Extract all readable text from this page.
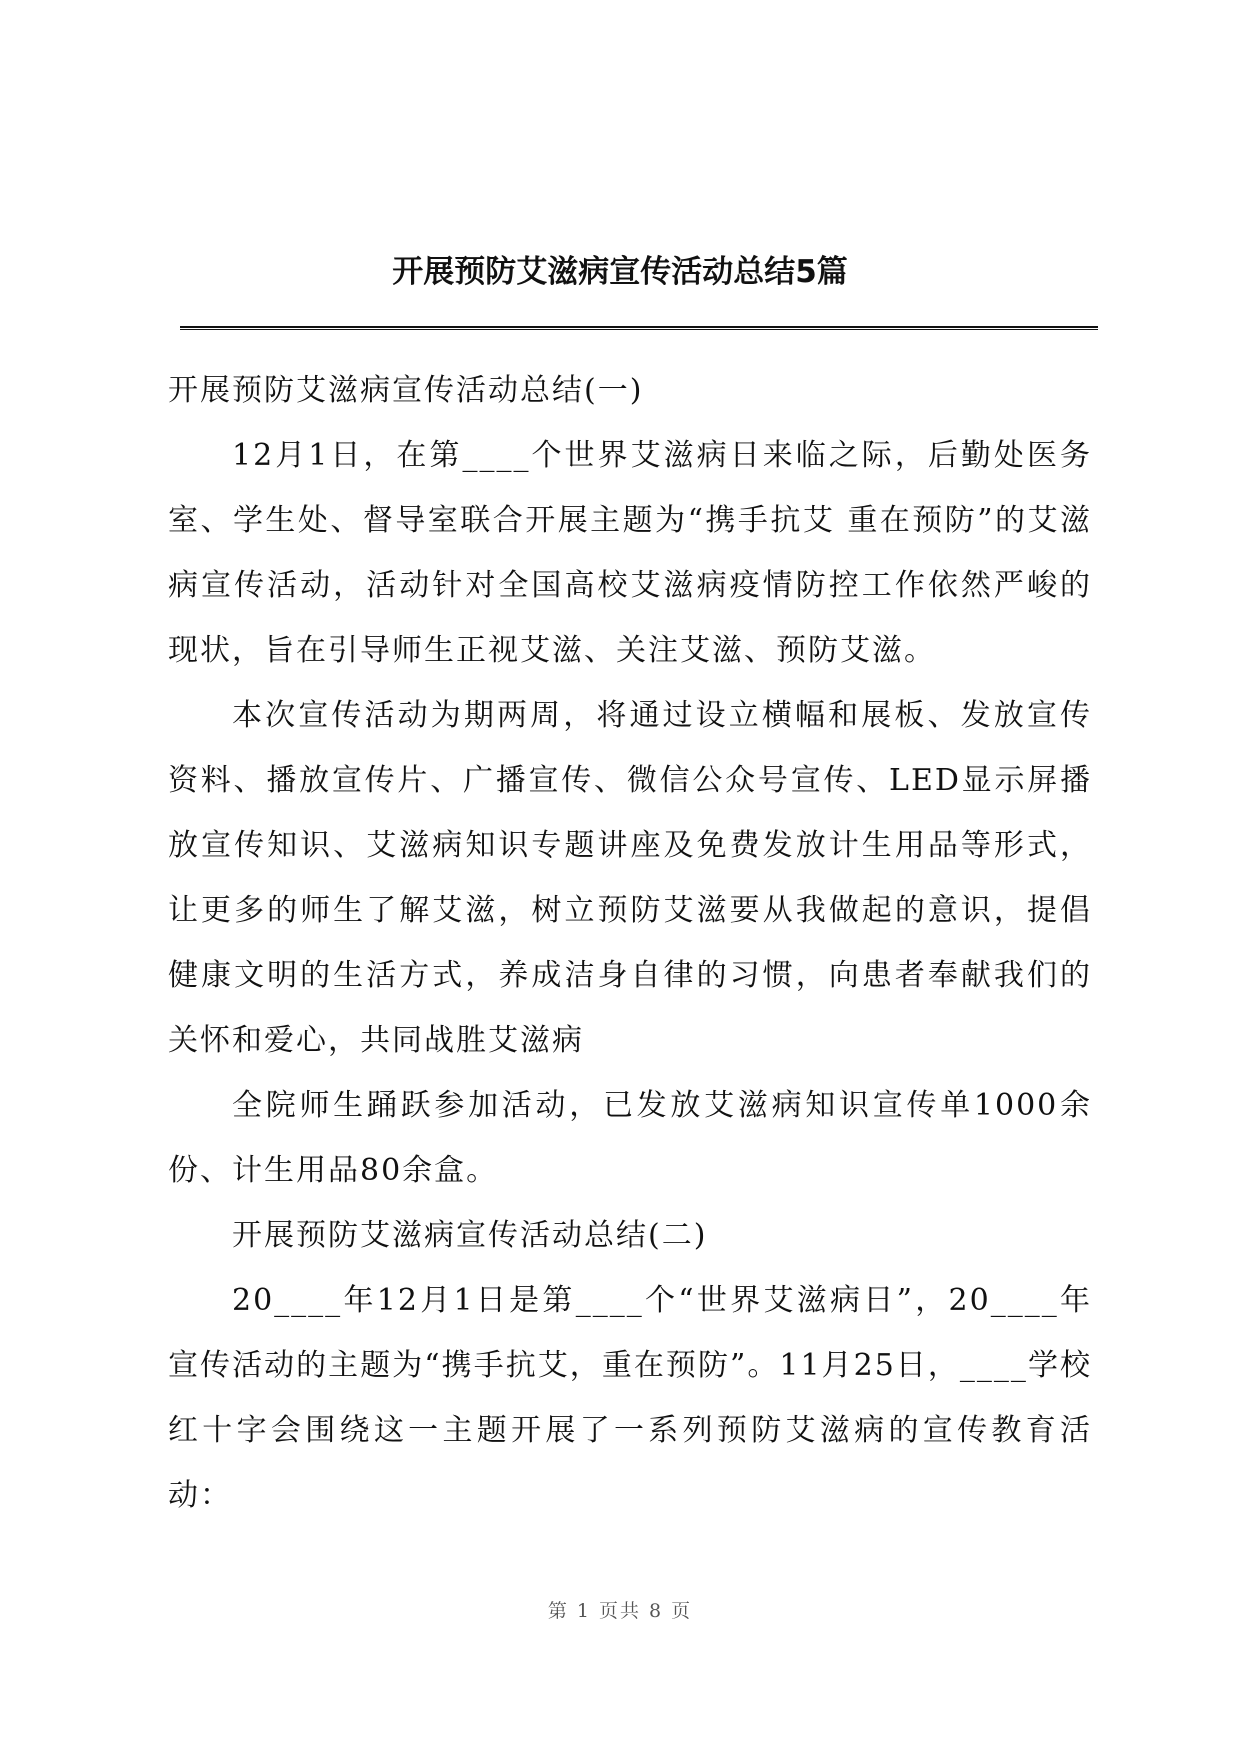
开展预防艾滋病宣传活动总结5篇

开展预防艾滋病宣传活动总结(一)

12月1日，在第____个世界艾滋病日来临之际，后勤处医务室、学生处、督导室联合开展主题为“携手抗艾 重在预防”的艾滋病宣传活动，活动针对全国高校艾滋病疫情防控工作依然严峻的现状，旨在引导师生正视艾滋、关注艾滋、预防艾滋。

本次宣传活动为期两周，将通过设立横幅和展板、发放宣传资料、播放宣传片、广播宣传、微信公众号宣传、LED显示屏播放宣传知识、艾滋病知识专题讲座及免费发放计生用品等形式，让更多的师生了解艾滋，树立预防艾滋要从我做起的意识，提倡健康文明的生活方式，养成洁身自律的习惯，向患者奉献我们的关怀和爱心，共同战胜艾滋病

全院师生踊跃参加活动，已发放艾滋病知识宣传单1000余份、计生用品80余盒。

开展预防艾滋病宣传活动总结(二)

20____年12月1日是第____个“世界艾滋病日”，20____年宣传活动的主题为“携手抗艾，重在预防”。11月25日，____学校红十字会围绕这一主题开展了一系列预防艾滋病的宣传教育活动：

第 1 页共 8 页
